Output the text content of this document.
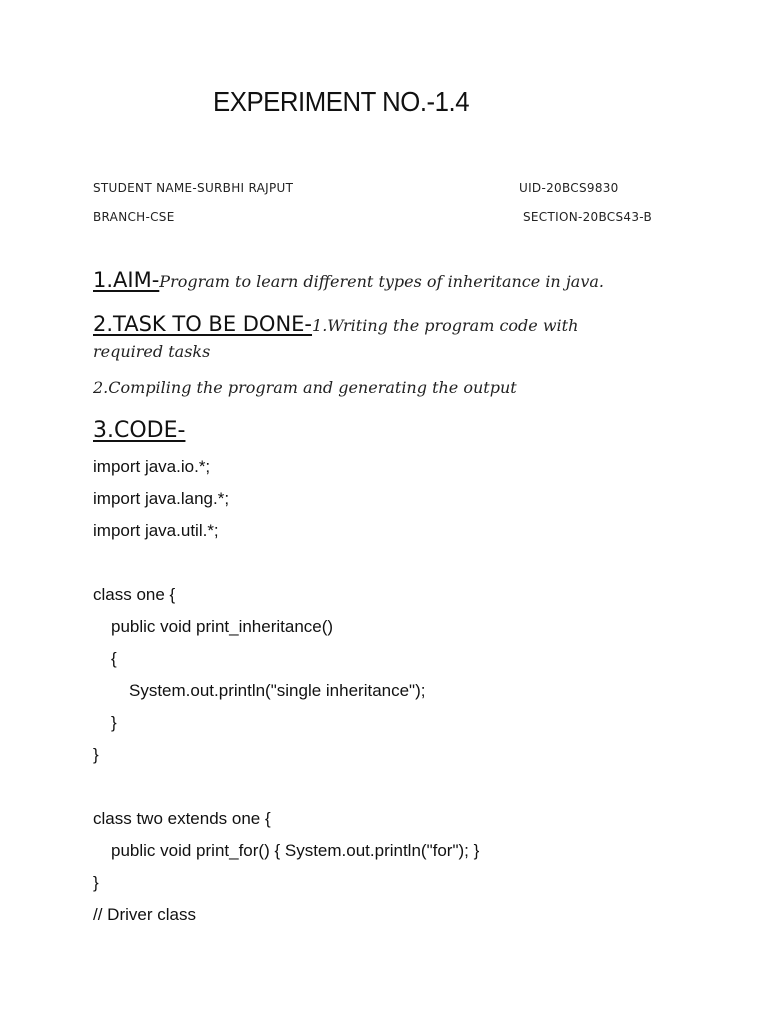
EXPERIMENT NO.-1.4
STUDENT NAME-SURBHI RAJPUT	UID-20BCS9830
BRANCH-CSE	SECTION-20BCS43-B
1.AIM-Program to learn different types of inheritance in java.
2.TASK TO BE DONE-1.Writing the program code with
required tasks
2.Compiling the program and generating the output
3.CODE-
import java.io.*;
import java.lang.*;
import java.util.*;
class one {
public void print_inheritance()
{
System.out.println("single inheritance");
}
}
class two extends one {
public void print_for() { System.out.println("for"); }
}
// Driver class
